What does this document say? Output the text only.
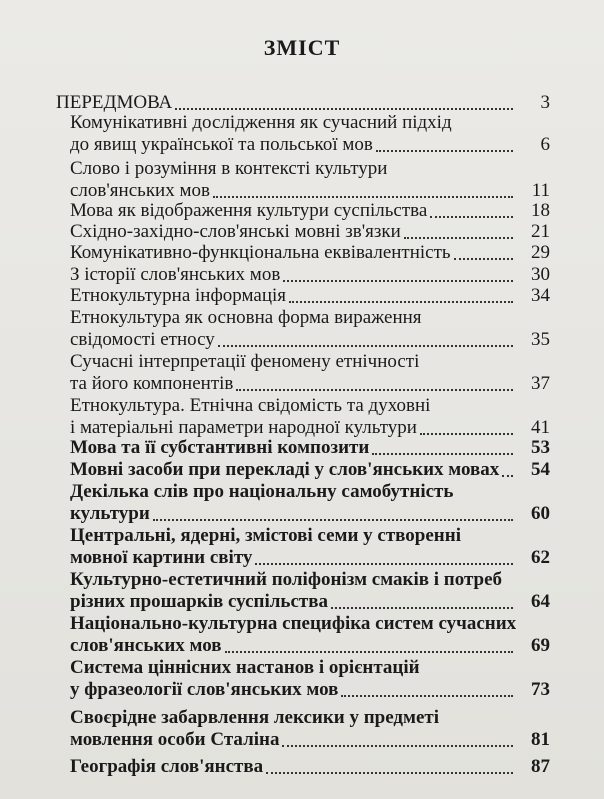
ЗМІСТ
ПЕРЕДМОВА	3
Комунікативні дослідження як сучасний підхід
до явищ української та польської мов	6
Слово і розуміння в контексті культури
слов'янських мов	11
Мова як відображення культури суспільства	18
Східно-західно-слов'янські мовні зв'язки	21
Комунікативно-функціональна еквівалентність	29
З історії слов'янських мов	30
Етнокультурна інформація	34
Етнокультура як основна форма вираження
свідомості етносу	35
Сучасні інтерпретації феномену етнічності
та його компонентів	37
Етнокультура. Етнічна свідомість та духовні
і матеріальні параметри народної культури	41
Мова та її субстантивні композити	53
Мовні засоби при перекладі у слов'янських мовах	54
Декілька слів про національну самобутність
культури	60
Центральні, ядерні, змістові семи у створенні
мовної картини світу	62
Культурно-естетичний поліфонізм смаків і потреб
різних прошарків суспільства	64
Національно-культурна специфіка систем сучасних
слов'янських мов	69
Система ціннісних настанов і орієнтацій
у фразеології слов'янських мов	73
Своєрідне забарвлення лексики у предметі
мовлення особи Сталіна	81
Географія слов'янства	87
